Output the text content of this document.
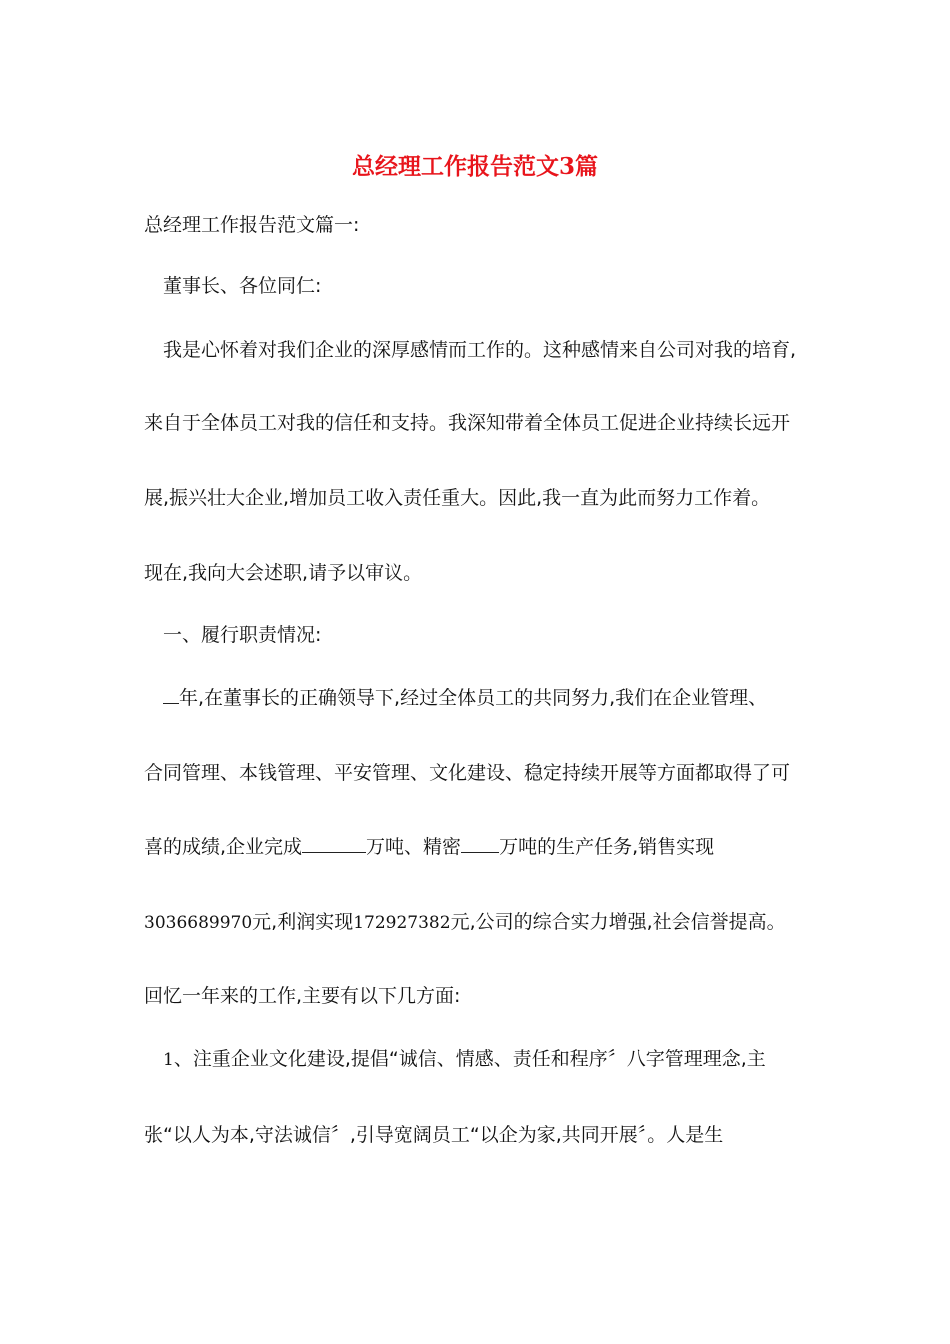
总经理工作报告范文3篇
总经理工作报告范文篇一:
董事长、各位同仁:
我是心怀着对我们企业的深厚感情而工作的。这种感情来自公司对我的培育,
来自于全体员工对我的信任和支持。我深知带着全体员工促进企业持续长远开
展,振兴壮大企业,增加员工收入责任重大。因此,我一直为此而努力工作着。
现在,我向大会述职,请予以审议。
一、履行职责情况:
年,在董事长的正确领导下,经过全体员工的共同努力,我们在企业管理、
合同管理、本钱管理、平安管理、文化建设、稳定持续开展等方面都取得了可
喜的成绩,企业完成	万吨、精密 万吨的生产任务,销售实现
3036689970元,利润实现172927382元,公司的综合实力增强,社会信誉提高。
回忆一年来的工作,主要有以下几方面:
1、注重企业文化建设,提倡“诚信、情感、责任和程序〞八字管理理念,主
张“以人为本,守法诚信〞,引导宽阔员工“以企为家,共同开展〞。人是生
